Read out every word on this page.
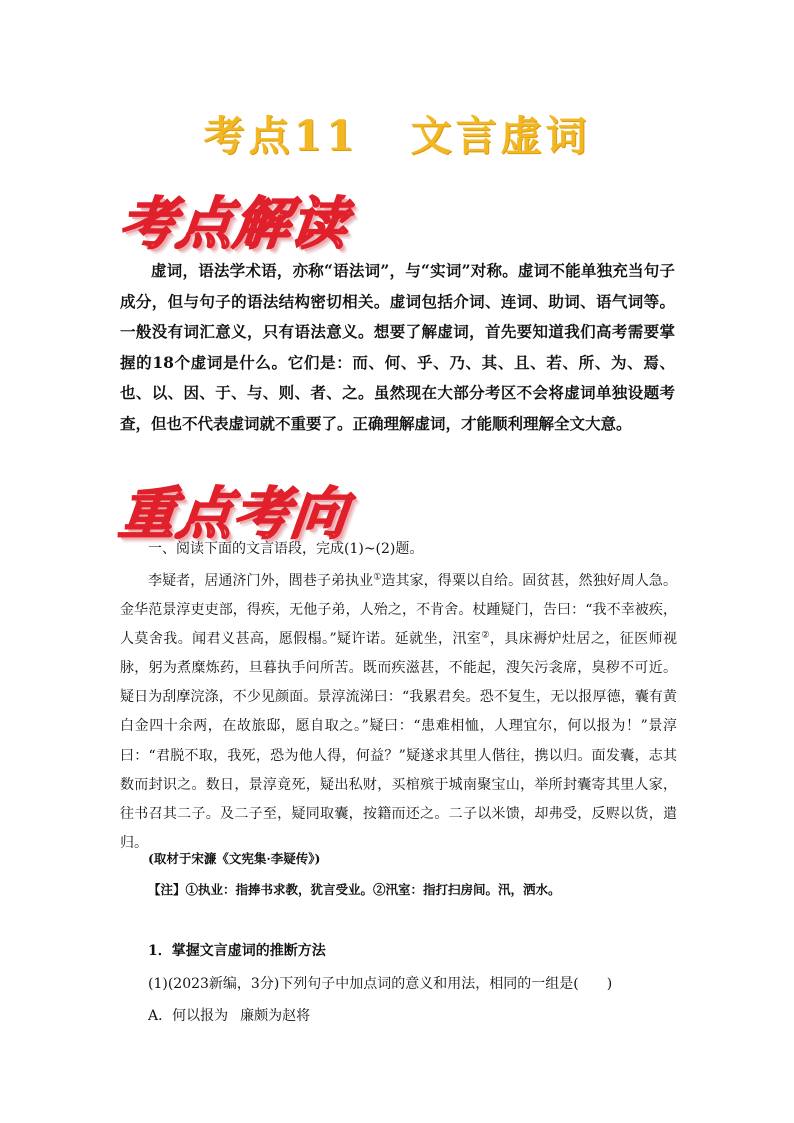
考点11 文言虚词
考点解读

虚词，语法学术语，亦称“语法词”，与“实词”对称。虚词不能单独充当句子成分，但与句子的语法结构密切相关。虚词包括介词、连词、助词、语气词等。一般没有词汇意义，只有语法意义。想要了解虚词，首先要知道我们高考需要掌握的18个虚词是什么。它们是：而、何、乎、乃、其、且、若、所、为、焉、也、以、因、于、与、则、者、之。虽然现在大部分考区不会将虚词单独设题考查，但也不代表虚词就不重要了。正确理解虚词，才能顺利理解全文大意。

重点考向
一、阅读下面的文言语段，完成(1)~(2)题。

李疑者，居通济门外，閭巷子弟执业①造其家，得粟以自给。固贫甚，然独好周人急。金华范景淳吏吏部，得疾，无他子弟，人殆之，不肯舍。杖踵疑门，告曰：“我不幸被疾，人莫舍我。闻君义甚高，愿假榻。”疑许诺。延就坐，汛室②，具床褥炉灶居之，征医师视脉，躬为煮糜炼药，旦暮执手问所苦。既而疾滋甚，不能起，溲矢污衾席，臭秽不可近。疑日为刮摩浣涤，不少见颜面。景淳流涕曰：“我累君矣。恐不复生，无以报厚德，囊有黄白金四十余两，在故旅邸，愿自取之。”疑曰：“患难相恤，人理宜尔，何以报为！”景淳曰：“君脱不取，我死，恐为他人得，何益？”疑遂求其里人偕往，携以归。面发囊，志其数而封识之。数日，景淳竟死，疑出私财，买棺殡于城南聚宝山，举所封囊寄其里人家，往书召其二子。及二子至，疑同取囊，按籍而还之。二子以米馈，却弗受，反赆以货，遣归。

(取材于宋濂《文宪集·李疑传》)
【注】①执业：指捧书求教，犹言受业。②汛室：指打扫房间。汛，洒水。
1．掌握文言虚词的推断方法
(1)(2023新编，3分)下列句子中加点词的意义和用法，相同的一组是(　　)
A．何以报为 廉颇为赵将
